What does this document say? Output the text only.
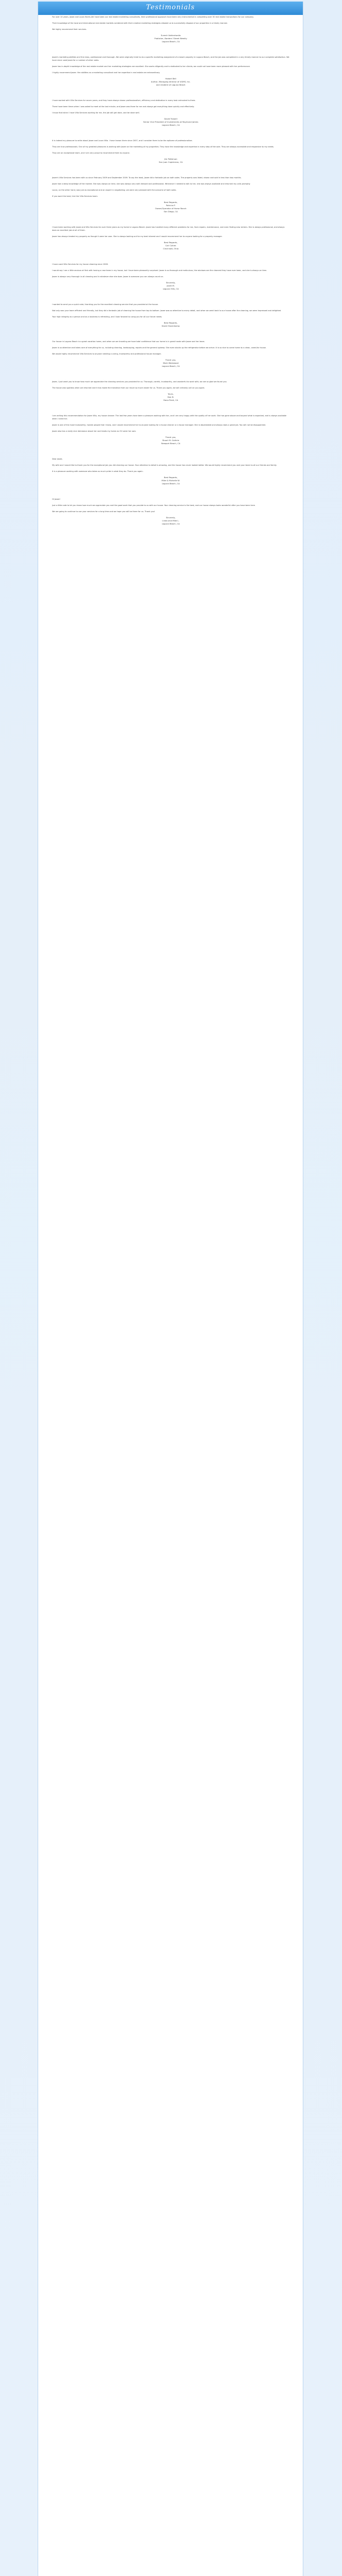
Testimonials

For over 10 years, Josee and Laura Harris-Ahl have been our real estate marketing consultants, their professional approach have been very instrumental in completing over 30 real estate transactions for our company.

Their knowledge of the local and international real estate markets combined with their creative marketing strategies allowed us to successfully dispose of our properties in a timely manner.

We highly recommend their services.

Suresh Vakhariwalla
Publisher, Borders' Street Weekly
Laguna Beach, CA

Josee's marketing abilities are first class, professional and thorough. We were originally hired to do a specific marketing assignment of a beach property in Laguna Beach, and the job was completed in a very timely manner to our complete satisfaction. We have since used Josee for a number of other sales.

Josee has in-depth knowledge of the real estate market and her marketing strategies are excellent. She works diligently and is dedicated to her clients; we could not have been more pleased with her performance.

I highly recommend Josee. Her abilities as a marketing consultant and her expertise in real estate are extraordinary.

Hobart Bell
Author, Managing director of UGMS, Inc.
and resident of Laguna Beach

I have worked with Villa Services for seven years, and they have always shown professionalism, efficiency and dedication in every task entrusted to them.

There have been times when I was asked to meet at the last minute, and Josee was there for me and always got everything done quickly and effectively.

I know that when I have Villa Services working for me, the job will get done, and be done well.

David Trowell
Senior Vice President of Investments at Raymond James
Laguna Beach, CA

It is indeed my pleasure to write about Josee and Laura Villa. I have known them since 2007, and I consider them to be the epitome of professionalism.

They are true professionals. One of my greatest pleasures is working with Josee on the marketing of my properties. They have the knowledge and expertise in every step of the sale. They are always accessible and responsive to my needs.

They are an exceptional team, and I am very proud to recommend them to anyone.

Jim Patterson
San Juan Capistrano, CA

Josee's Villa Services has been with us since February 2009 and September 2009. To say the least, Josee did a fantastic job on both sales. The property was listed, shown and sold in less than two months.

Josee had a deep knowledge of the market. She was always on time, she was always very well dressed and professional. Whenever I needed to talk to her, she was always available and returned my calls promptly.

Laura, on the other hand, was just as exceptional and an expert in negotiating; we were very pleased with the outcome of both sales.

If you want the best, hire the Villa Services team.

Best Regards,
Patricia P.
Owner/Operator of Horse Ranch
San Diego, CA

I have been working with Josee and Villa Services for over three years as my home is Laguna Beach. Josee has handled many different problems for me, from repairs, maintenance, and even finding new renters. She is always professional, and always does an excellent job at all of them.

Josee has always treated my property as though it were her own. She is always looking out for my best interest and I would recommend her to anyone looking for a property manager.

Best Regards,
Carl Cohen
Cincinnati, Ohio

I have used Villa Services for my house cleaning since 2006.

I would say I am a little anxious at first with having a new team in my house, but I have been pleasantly surprised. Josee is so thorough and meticulous, the windows are the cleanest they have ever been, and she is always on time.

Josee is always very thorough in all cleaning and in whatever else she does. Josee is someone you can always count on.

Sincerely,
Janet M.
Laguna Hills, CA

I wanted to send you a quick note, thanking you for the excellent cleaning service that you provided at the house.

Not only was your team efficient and friendly, but they did a fantastic job of cleaning the house from top to bottom. Josee was so attentive to every detail, and when we went back to our house after the cleaning, we were impressed and delighted.

Your high integrity as a person and as a business is refreshing, and I look forward to using you for all our future needs.

Best Regards,
David Hovenkamp

Our house in Laguna Beach is a great vacation home, and when we are traveling we have total confidence that our home is in great hands with Josee and her team.

Josee is so attentive and takes care of everything for us, including cleaning, landscaping, repairs and the general upkeep. She even stocks up the refrigerator before we arrive. It is so nice to come home to a clean, cared-for house.

We would highly recommend Villa Services to anyone needing a caring, trustworthy and professional house manager.

Thank you,
Mark Westwood
Laguna Beach, CA

Josee, I just want you to know how much we appreciate the cleaning services you provided for us. Thorough, careful, trustworthy, and wonderful to work with, we are so glad we found you.

The house was spotless when we returned and it has made the transition from our move so much easier for us. Thank you again, we will certainly call on you again.

Yours,
Dan B.
Dana Point, CA

I am writing this recommendation for Josee Villa, my house cleaner. The last few years have been a pleasure working with her, and I am very happy with the quality of her work. She has gone above and beyond what is expected, and is always available when I need her.

Josee is one of the most trustworthy, honest people that I know, and I would recommend her to anyone looking for a house cleaner or a house manager. She is dependable and always does a great job. You will not be disappointed.

Josee also has a really nice demeanor about her and treats my home as if it were her own.

Thank you,
Stuart M. Guthrie
Newport Beach, CA

Dear Josee,

My wife and I would like to thank you for the exceptional job you did cleaning our house. Your attention to detail is amazing, and the house has never looked better. We would highly recommend you and your team to all our friends and family.

It is a pleasure working with someone who takes so much pride in what they do. Thank you again.

Best Regards,
Mike & Michelle W.
Laguna Beach, CA

Hi Josee!

Just a little note to let you know how much we appreciate you and the good work that you provide to us with our house. Your cleaning service is the best, and our house always looks wonderful after you have been here.

We are going to continue to use your services for a long time and we hope you will be there for us. Thank you!

Sincerely,
Linda and Mike L.
Laguna Beach, CA
